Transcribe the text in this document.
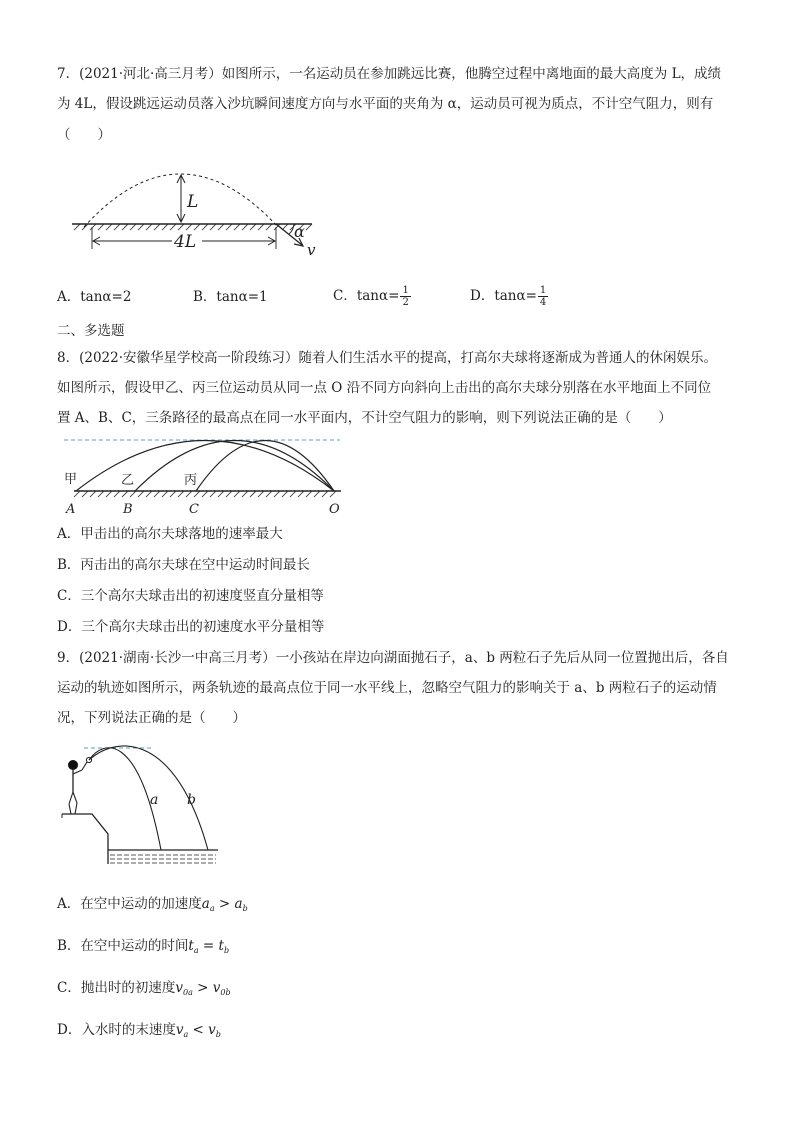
7．(2021·河北·高三月考）如图所示，一名运动员在参加跳远比赛，他腾空过程中离地面的最大高度为 L，成绩
为 4L，假设跳远运动员落入沙坑瞬间速度方向与水平面的夹角为 α，运动员可视为质点，不计空气阻力，则有
（　　）
L
4L
α
v
A．tanα=2	B．tanα=1	C．$\tan\alpha= \frac{1}{2}$	D．$\tan\alpha= \frac{1}{4}$
二、多选题
8．(2022·安徽华星学校高一阶段练习）随着人们生活水平的提高，打高尔夫球将逐渐成为普通人的休闲娱乐。
如图所示，假设甲乙、丙三位运动员从同一点 O 沿不同方向斜向上击出的高尔夫球分别落在水平地面上不同位
置 A、B、C，三条路径的最高点在同一水平面内，不计空气阻力的影响，则下列说法正确的是（　　）
甲	乙	丙
A	B	C	O
A．甲击出的高尔夫球落地的速率最大
B．丙击出的高尔夫球在空中运动时间最长
C．三个高尔夫球击出的初速度竖直分量相等
D．三个高尔夫球击出的初速度水平分量相等
9．(2021·湖南·长沙一中高三月考）一小孩站在岸边向湖面抛石子，a、b 两粒石子先后从同一位置抛出后，各自
运动的轨迹如图所示，两条轨迹的最高点位于同一水平线上，忽略空气阻力的影响关于 a、b 两粒石子的运动情
况，下列说法正确的是（　　）
a b
A．在空中运动的加速度$a_a > a_b$
B．在空中运动的时间$t_a = t_b$
C．抛出时的初速度$v_{0a} > v_{0b}$
D．入水时的末速度$v_a < v_b$
